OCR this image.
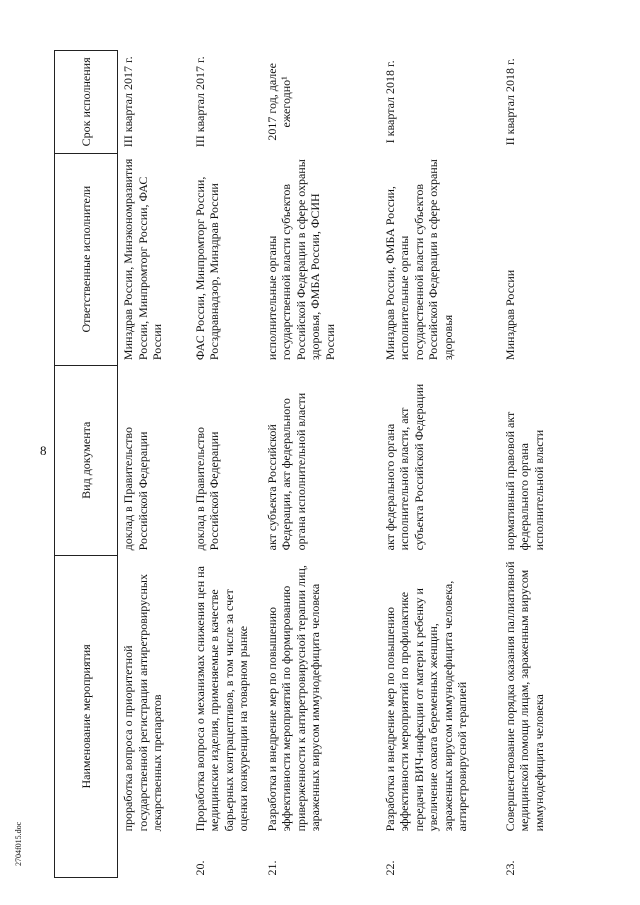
8
2704f015.doc
Наименование мероприятия		Вид документа	Ответственные исполнители	Срок исполнения
	проработка вопроса о приоритетной государственной регистрации антиретровирусных лекарственных препаратов	доклад в Правительство Российской Федерации	Минздрав России, Минэкономразвития России, Минпромторг России, ФАС России	III квартал 2017 г.
20.	Проработка вопроса о механизмах снижения цен на медицинские изделия, применяемые в качестве барьерных контрацептивов, в том числе за счет оценки конкуренции на товарном рынке	доклад в Правительство Российской Федерации	ФАС России, Минпромторг России, Росздравнадзор, Минздрав России	III квартал 2017 г.
21.	Разработка и внедрение мер по повышению эффективности мероприятий по формированию приверженности к антиретровирусной терапии лиц, зараженных вирусом иммунодефицита человека	акт субъекта Российской Федерации, акт федерального органа исполнительной власти	исполнительные органы государственной власти субъектов Российской Федерации в сфере охраны здоровья, ФМБА России, ФСИН России	2017 год, далее ежегодно¹
22.	Разработка и внедрение мер по повышению эффективности мероприятий по профилактике передачи ВИЧ-инфекции от матери к ребенку и увеличение охвата беременных женщин, зараженных вирусом иммунодефицита человека, антиретровирусной терапией	акт федерального органа исполнительной власти, акт субъекта Российской Федерации	Минздрав России, ФМБА России, исполнительные органы государственной власти субъектов Российской Федерации в сфере охраны здоровья	I квартал 2018 г.
23.	Совершенствование порядка оказания паллиативной медицинской помощи лицам, зараженным вирусом иммунодефицита человека	нормативный правовой акт федерального органа исполнительной власти	Минздрав России	II квартал 2018 г.
